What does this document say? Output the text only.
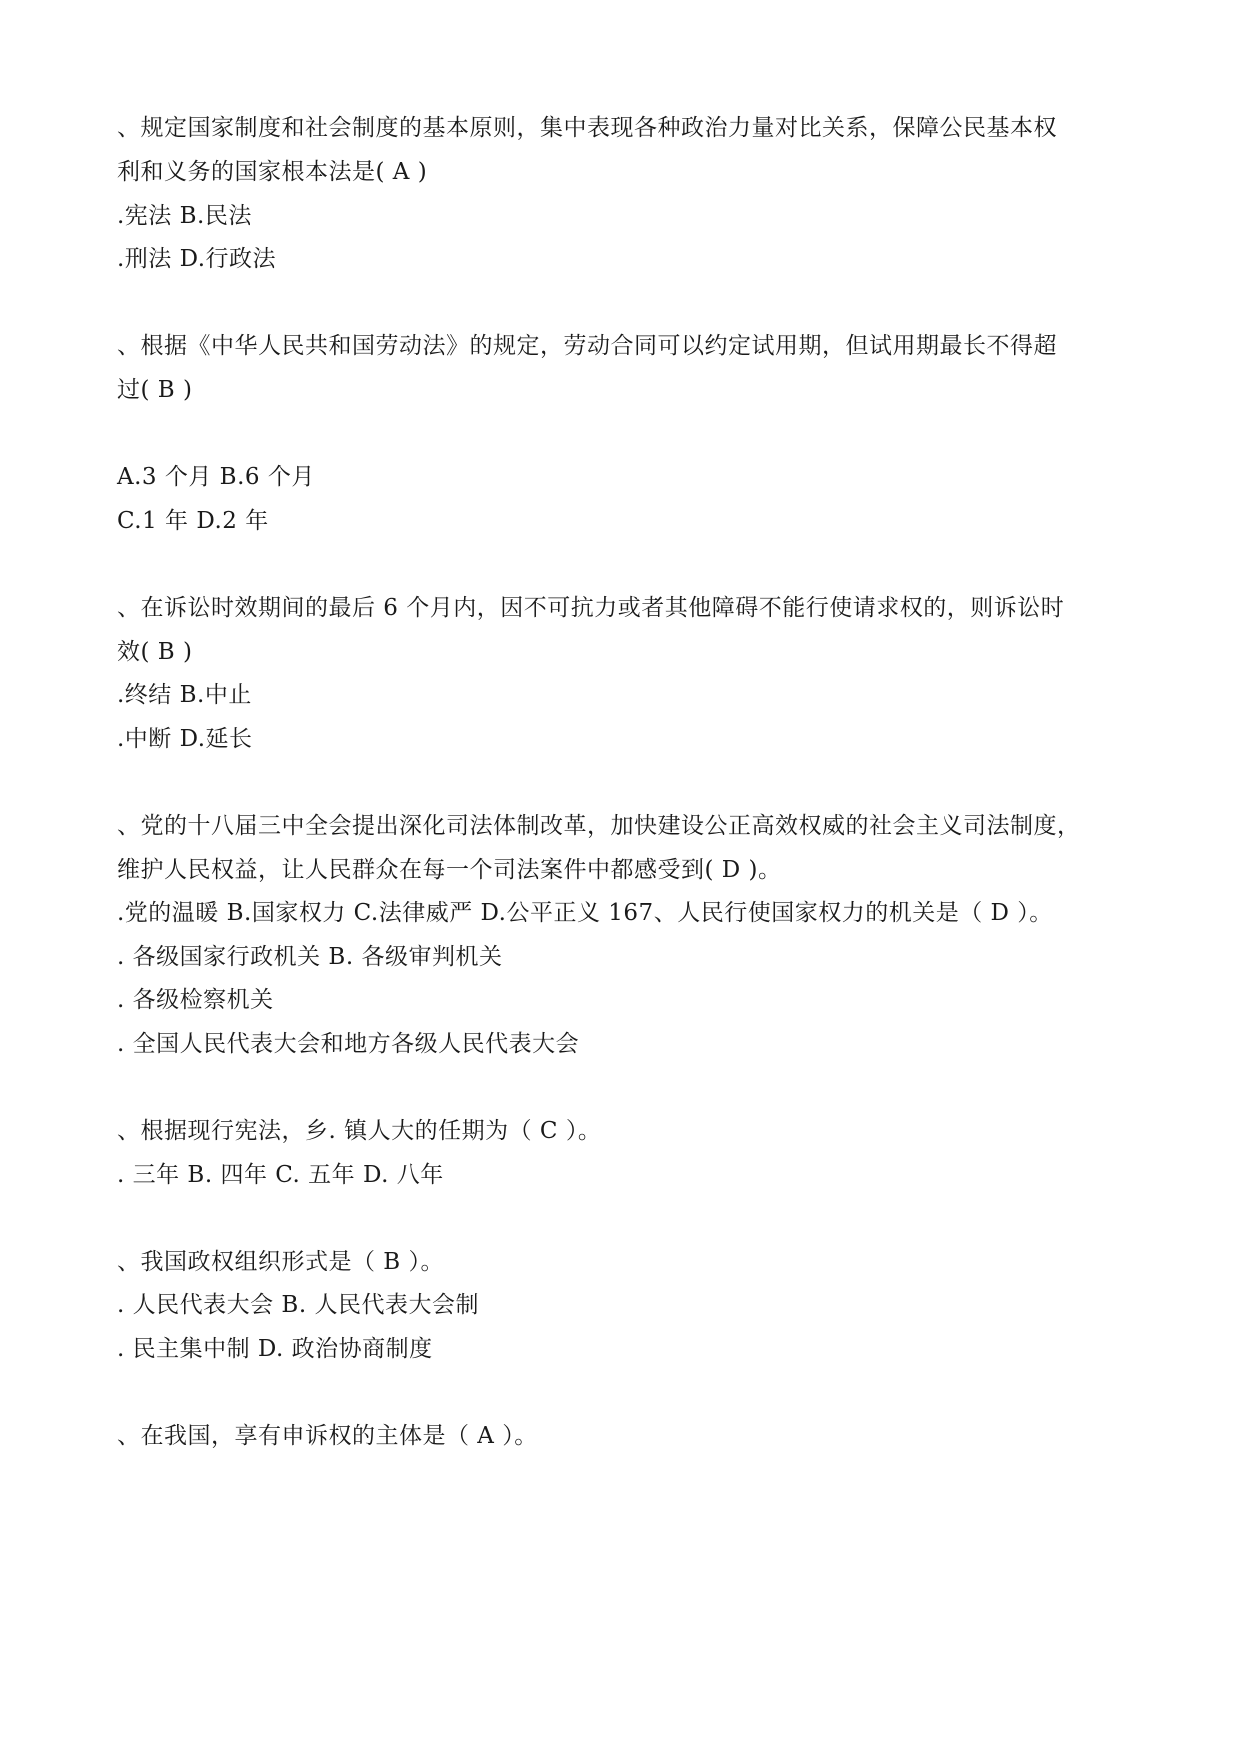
、规定国家制度和社会制度的基本原则，集中表现各种政治力量对比关系，保障公民基本权
利和义务的国家根本法是( A )
.宪法 B.民法
.刑法 D.行政法
、根据《中华人民共和国劳动法》的规定，劳动合同可以约定试用期，但试用期最长不得超
过( B )
A.3 个月 B.6 个月
C.1 年 D.2 年
、在诉讼时效期间的最后 6 个月内，因不可抗力或者其他障碍不能行使请求权的，则诉讼时
效( B )
.终结 B.中止
.中断 D.延长
、党的十八届三中全会提出深化司法体制改革，加快建设公正高效权威的社会主义司法制度，
维护人民权益，让人民群众在每一个司法案件中都感受到( D )。
.党的温暖 B.国家权力 C.法律威严 D.公平正义 167、人民行使国家权力的机关是（ D ）。
. 各级国家行政机关 B. 各级审判机关
. 各级检察机关
. 全国人民代表大会和地方各级人民代表大会
、根据现行宪法，乡. 镇人大的任期为（ C ）。
. 三年 B. 四年 C. 五年 D. 八年
、我国政权组织形式是（ B ）。
. 人民代表大会 B. 人民代表大会制
. 民主集中制 D. 政治协商制度
、在我国，享有申诉权的主体是（ A ）。
